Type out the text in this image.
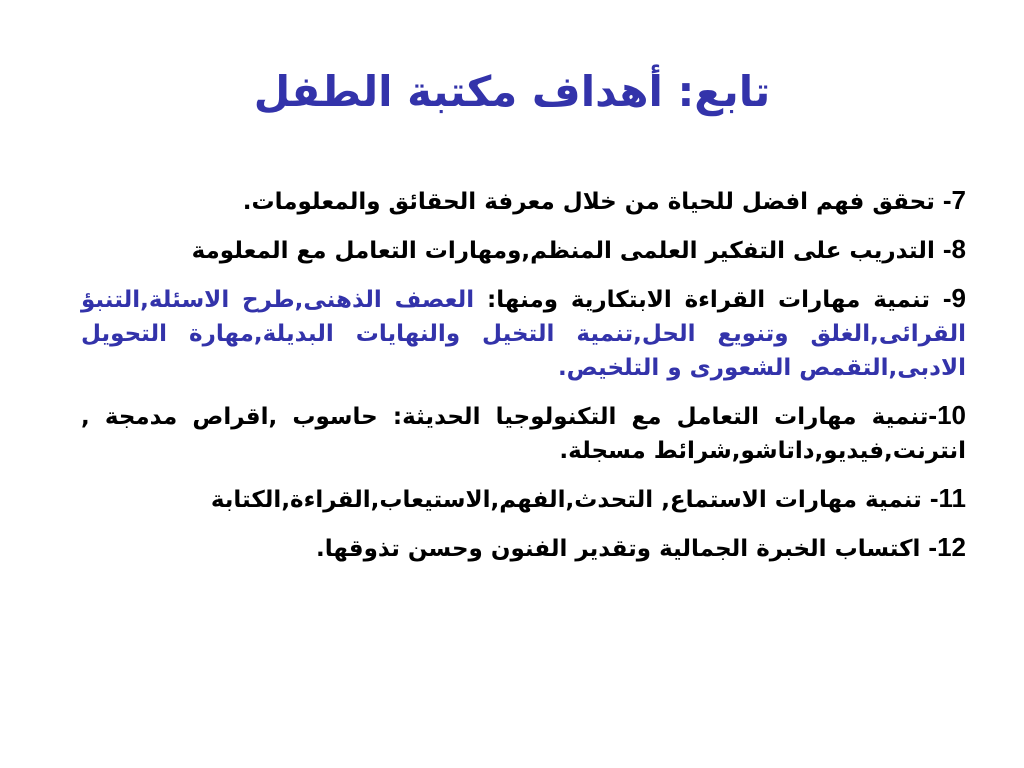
تابع: أهداف مكتبة الطفل
7- تحقق فهم افضل للحياة من خلال معرفة الحقائق والمعلومات.
8- التدريب على التفكير العلمى المنظم,ومهارات التعامل مع المعلومة
9- تنمية مهارات القراءة الابتكارية ومنها: العصف الذهنى,طرح الاسئلة,التنبؤ القرائى,الغلق وتنويع الحل,تنمية التخيل والنهايات البديلة,مهارة التحويل الادبى,التقمص الشعورى و التلخيص.
10-تنمية مهارات التعامل مع التكنولوجيا الحديثة: حاسوب ,اقراص مدمجة , انترنت,فيديو,داتاشو,شرائط مسجلة.
11- تنمية مهارات الاستماع, التحدث,الفهم,الاستيعاب,القراءة,الكتابة
12- اكتساب الخبرة الجمالية وتقدير الفنون وحسن تذوقها.
